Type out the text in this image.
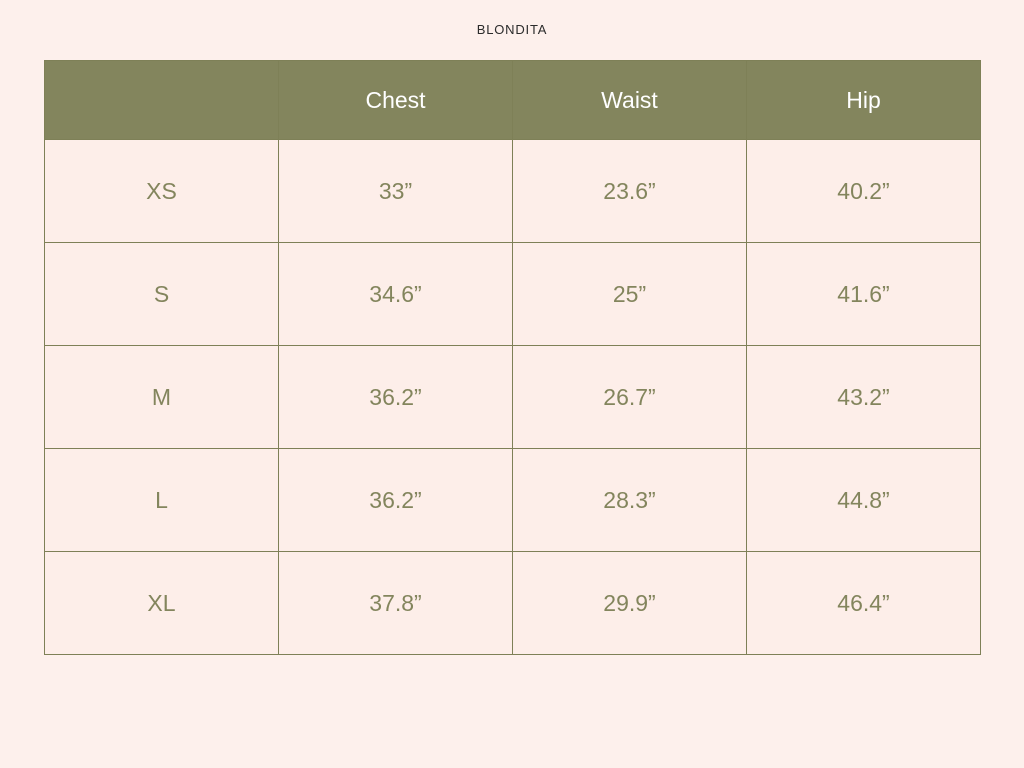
BLONDITA
	Chest	Waist	Hip
XS	33”	23.6”	40.2”
S	34.6”	25”	41.6”
M	36.2”	26.7”	43.2”
L	36.2”	28.3”	44.8”
XL	37.8”	29.9”	46.4”
